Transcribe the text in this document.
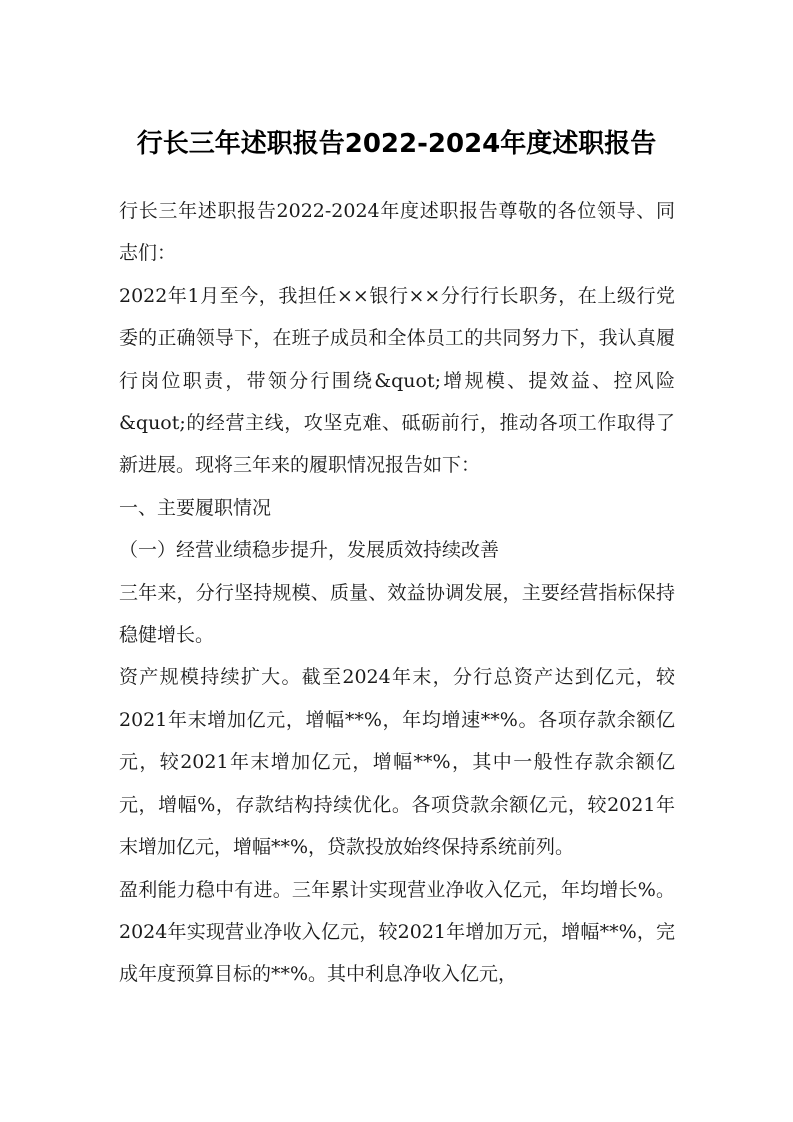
行长三年述职报告2022-2024年度述职报告

行长三年述职报告2022-2024年度述职报告尊敬的各位领导、同志们：

2022年1月至今，我担任××银行××分行行长职务，在上级行党委的正确领导下，在班子成员和全体员工的共同努力下，我认真履行岗位职责，带领分行围绕&quot;增规模、提效益、控风险&quot;的经营主线，攻坚克难、砥砺前行，推动各项工作取得了新进展。现将三年来的履职情况报告如下：

一、主要履职情况

（一）经营业绩稳步提升，发展质效持续改善

三年来，分行坚持规模、质量、效益协调发展，主要经营指标保持稳健增长。

资产规模持续扩大。截至2024年末，分行总资产达到亿元，较2021年末增加亿元，增幅**%，年均增速**%。各项存款余额亿元，较2021年末增加亿元，增幅**%，其中一般性存款余额亿元，增幅%，存款结构持续优化。各项贷款余额亿元，较2021年末增加亿元，增幅**%，贷款投放始终保持系统前列。

盈利能力稳中有进。三年累计实现营业净收入亿元，年均增长%。2024年实现营业净收入亿元，较2021年增加万元，增幅**%，完成年度预算目标的**%。其中利息净收入亿元，
